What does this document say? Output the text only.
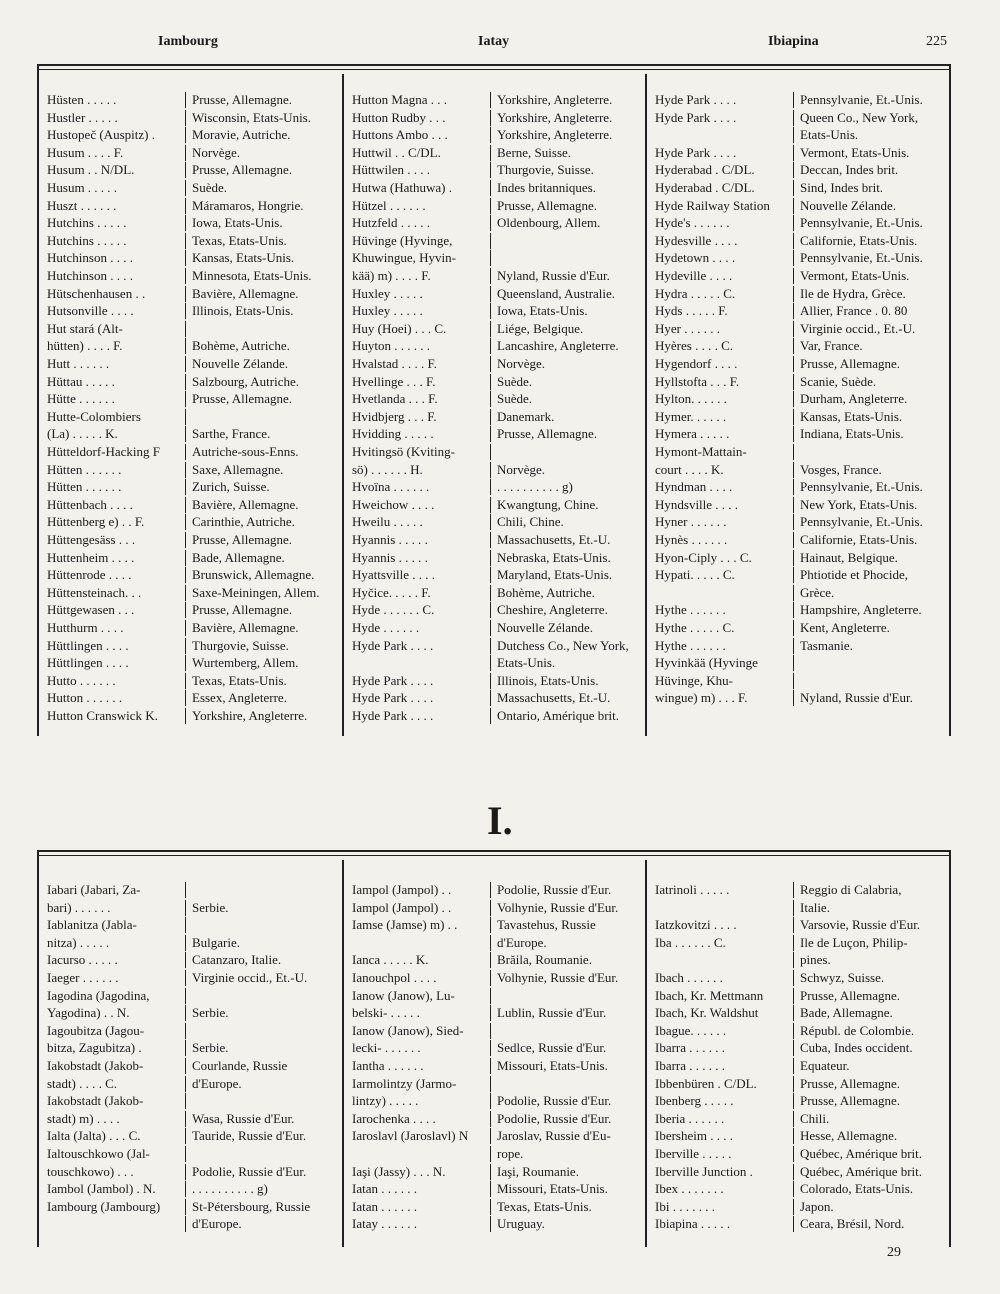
Iambourg	Iatay	Ibiapina	225
Hüsten . . . . .	Prusse, Allemagne.
Hustler . . . . .	Wisconsin, Etats-Unis.
Hustopeč (Auspitz) .	Moravie, Autriche.
Husum . . . . F.	Norvège.
Husum . . N/DL.	Prusse, Allemagne.
Husum . . . . .	Suède.
Huszt . . . . . .	Máramaros, Hongrie.
Hutchins . . . . .	Iowa, Etats-Unis.
Hutchins . . . . .	Texas, Etats-Unis.
Hutchinson . . . .	Kansas, Etats-Unis.
Hutchinson . . . .	Minnesota, Etats-Unis.
Hütschenhausen . .	Bavière, Allemagne.
Hutsonville . . . .	Illinois, Etats-Unis.
Hut stará (Alt-
hütten) . . . . F.	Bohème, Autriche.
Hutt . . . . . .	Nouvelle Zélande.
Hüttau . . . . .	Salzbourg, Autriche.
Hütte . . . . . .	Prusse, Allemagne.
Hutte-Colombiers
(La) . . . . . K.	Sarthe, France.
Hütteldorf-Hacking F	Autriche-sous-Enns.
Hütten . . . . . .	Saxe, Allemagne.
Hütten . . . . . .	Zurich, Suisse.
Hüttenbach . . . .	Bavière, Allemagne.
Hüttenberg e) . . F.	Carinthie, Autriche.
Hüttengesäss . . .	Prusse, Allemagne.
Huttenheim . . . .	Bade, Allemagne.
Hüttenrode . . . .	Brunswick, Allemagne.
Hüttensteinach. . .	Saxe-Meiningen, Allem.
Hüttgewasen . . .	Prusse, Allemagne.
Hutthurm . . . .	Bavière, Allemagne.
Hüttlingen . . . .	Thurgovie, Suisse.
Hüttlingen . . . .	Wurtemberg, Allem.
Hutto . . . . . .	Texas, Etats-Unis.
Hutton . . . . . .	Essex, Angleterre.
Hutton Cranswick K.	Yorkshire, Angleterre.
Hutton Magna . . .	Yorkshire, Angleterre.
Hutton Rudby . . .	Yorkshire, Angleterre.
Huttons Ambo . . .	Yorkshire, Angleterre.
Huttwil . . C/DL.	Berne, Suisse.
Hüttwilen . . . .	Thurgovie, Suisse.
Hutwa (Hathuwa) .	Indes britanniques.
Hützel . . . . . .	Prusse, Allemagne.
Hutzfeld . . . . .	Oldenbourg, Allem.
Hüvinge (Hyvinge,
Khuwingue, Hyvin-
kää) m) . . . . F.	Nyland, Russie d'Eur.
Huxley . . . . .	Queensland, Australie.
Huxley . . . . .	Iowa, Etats-Unis.
Huy (Hoei) . . . C.	Liége, Belgique.
Huyton . . . . . .	Lancashire, Angleterre.
Hvalstad . . . . F.	Norvège.
Hvellinge . . . F.	Suède.
Hvetlanda . . . F.	Suède.
Hvidbjerg . . . F.	Danemark.
Hvidding . . . . .	Prusse, Allemagne.
Hvitingsö (Kviting-
sö) . . . . . . H.	Norvège.
Hvoïna . . . . . .	. . . . . . . . . . g)
Hweichow . . . .	Kwangtung, Chine.
Hweilu . . . . .	Chili, Chine.
Hyannis . . . . .	Massachusetts, Et.-U.
Hyannis . . . . .	Nebraska, Etats-Unis.
Hyattsville . . . .	Maryland, Etats-Unis.
Hyčice. . . . . F.	Bohème, Autriche.
Hyde . . . . . . C.	Cheshire, Angleterre.
Hyde . . . . . .	Nouvelle Zélande.
Hyde Park . . . .	Dutchess Co., New York,
Etats-Unis.
Hyde Park . . . .	Illinois, Etats-Unis.
Hyde Park . . . .	Massachusetts, Et.-U.
Hyde Park . . . .	Ontario, Amérique brit.
Hyde Park . . . .	Pennsylvanie, Et.-Unis.
Hyde Park . . . .	Queen Co., New York,
Etats-Unis.
Hyde Park . . . .	Vermont, Etats-Unis.
Hyderabad . C/DL.	Deccan, Indes brit.
Hyderabad . C/DL.	Sind, Indes brit.
Hyde Railway Station	Nouvelle Zélande.
Hyde's . . . . . .	Pennsylvanie, Et.-Unis.
Hydesville . . . .	Californie, Etats-Unis.
Hydetown . . . .	Pennsylvanie, Et.-Unis.
Hydeville . . . .	Vermont, Etats-Unis.
Hydra . . . . . C.	Ile de Hydra, Grèce.
Hyds . . . . . F.	Allier, France . 0. 80
Hyer . . . . . .	Virginie occid., Et.-U.
Hyères . . . . C.	Var, France.
Hygendorf . . . .	Prusse, Allemagne.
Hyllstofta . . . F.	Scanie, Suède.
Hylton. . . . . .	Durham, Angleterre.
Hymer. . . . . .	Kansas, Etats-Unis.
Hymera . . . . .	Indiana, Etats-Unis.
Hymont-Mattain-
court . . . . K.	Vosges, France.
Hyndman . . . .	Pennsylvanie, Et.-Unis.
Hyndsville . . . .	New York, Etats-Unis.
Hyner . . . . . .	Pennsylvanie, Et.-Unis.
Hynès . . . . . .	Californie, Etats-Unis.
Hyon-Ciply . . . C.	Hainaut, Belgique.
Hypati. . . . . C.	Phtiotide et Phocide,
Grèce.
Hythe . . . . . .	Hampshire, Angleterre.
Hythe . . . . . C.	Kent, Angleterre.
Hythe . . . . . .	Tasmanie.
Hyvinkää (Hyvinge
Hüvinge, Khu-
wingue) m) . . . F.	Nyland, Russie d'Eur.
I.
Iabari (Jabari, Za-
bari) . . . . . .	Serbie.
Iablanitza (Jabla-
nitza) . . . . .	Bulgarie.
Iacurso . . . . .	Catanzaro, Italie.
Iaeger . . . . . .	Virginie occid., Et.-U.
Iagodina (Jagodina,
Yagodina) . . N.	Serbie.
Iagoubitza (Jagou-
bitza, Zagubitza) .	Serbie.
Iakobstadt (Jakob-	Courlande, Russie
stadt) . . . . C.	d'Europe.
Iakobstadt (Jakob-
stadt) m) . . . .	Wasa, Russie d'Eur.
Ialta (Jalta) . . . C.	Tauride, Russie d'Eur.
Ialtouschkowo (Jal-
touschkowo) . . .	Podolie, Russie d'Eur.
Iambol (Jambol) . N.	. . . . . . . . . . g)
Iambourg (Jambourg)	St-Pétersbourg, Russie
d'Europe.
Iampol (Jampol) . .	Podolie, Russie d'Eur.
Iampol (Jampol) . .	Volhynie, Russie d'Eur.
Iamse (Jamse) m) . .	Tavastehus, Russie
d'Europe.
Ianca . . . . . K.	Brăila, Roumanie.
Ianouchpol . . . .	Volhynie, Russie d'Eur.
Ianow (Janow), Lu-
belski- . . . . .	Lublin, Russie d'Eur.
Ianow (Janow), Sied-
lecki- . . . . . .	Sedlce, Russie d'Eur.
Iantha . . . . . .	Missouri, Etats-Unis.
Iarmolintzy (Jarmo-
lintzy) . . . . .	Podolie, Russie d'Eur.
Iarochenka . . . .	Podolie, Russie d'Eur.
Iaroslavl (Jaroslavl) N	Jaroslav, Russie d'Eu-
rope.
Iaşi (Jassy) . . . N.	Iaşi, Roumanie.
Iatan . . . . . .	Missouri, Etats-Unis.
Iatan . . . . . .	Texas, Etats-Unis.
Iatay . . . . . .	Uruguay.
Iatrinoli . . . . .	Reggio di Calabria,
Italie.
Iatzkovitzi . . . .	Varsovie, Russie d'Eur.
Iba . . . . . . C.	Ile de Luçon, Philip-
pines.
Ibach . . . . . .	Schwyz, Suisse.
Ibach, Kr. Mettmann	Prusse, Allemagne.
Ibach, Kr. Waldshut	Bade, Allemagne.
Ibague. . . . . .	Républ. de Colombie.
Ibarra . . . . . .	Cuba, Indes occident.
Ibarra . . . . . .	Equateur.
Ibbenbüren . C/DL.	Prusse, Allemagne.
Ibenberg . . . . .	Prusse, Allemagne.
Iberia . . . . . .	Chili.
Ibersheim . . . .	Hesse, Allemagne.
Iberville . . . . .	Québec, Amérique brit.
Iberville Junction .	Québec, Amérique brit.
Ibex . . . . . . .	Colorado, Etats-Unis.
Ibi . . . . . . .	Japon.
Ibiapina . . . . .	Ceara, Brésil, Nord.
29
